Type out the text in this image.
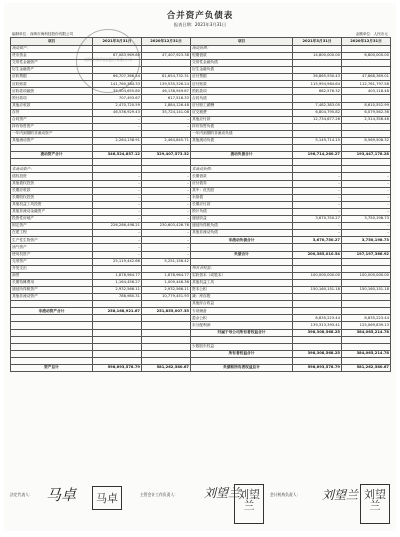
合并资产负债表
报表日期：2021年3月31日
编制单位：深圳市海科技股份有限公司	金额单位：人民币元
项目	2021年3月31日	2020年12月31日	项目	2021年3月31日	2020年12月31日
流动资产：			流动负债：		
货币资金	67,083,969.80	47,407,923.38	短期借款	14,800,000.00	6,800,000.00
交易性金融资产			交易性金融负债		
衍生金融资产			衍生金融负债		
应收票据	66,707,366.54	61,654,732.31	应付票据	36,865,930.43	47,868,369.01
应收账款	141,760,384.33	139,535,326.24	应付账款	115,994,984.64	112,761,797.58
应收款项融资	35,304,655.80	46,138,949.87	预收款项	682,576.32	403,118.48
预付款项	707,493.67	617,516.33	合同负债		
其他应收款	2,470,720.59	1,884,126.48	应付职工薪酬	7,482,383.05	8,610,552.99
存货	46,536,929.43	35,724,141.08	应交税费	6,804,795.82	6,079,562.36
合同资产	–	–	其他应付款	12,734,677.26	2,314,356.46
持有待售资产	–	–	持有待售负债		
一年内到期的非流动资产			一年内到期的非流动负债		
其他流动资产	2,264,138.91	2,464,845.71	其他流动负债	5,149,714.15	8,569,508.32

流动资产合计	346,524,857.12	329,407,573.32	流动负债合计	196,714,260.27	193,447,178.28

非流动资产：			非流动负债：		
债权投资	–	–	长期借款	–	–
其他债权投资	–	–	应付债券	–	–
长期应收款	–	–	其中：优先股	–	–
长期股权投资	–	–	永续债	–	–
其他权益工具投资	–	–	长期应付款	–	–
其他非流动金融资产	–	–	预计负债	–	–
投资性房地产	–	–	递延收益	3,670,750.27	3,750,198.73
固定资产	226,286,498.21	230,603,426.76	递延所得税负债	–	–
在建工程	–	–	其他非流动负债	–	–
生产性生物资产	–	–	非流动负债合计	3,670,750.27	3,750,198.73
油气资产	–	–			
使用权资产	–	–	负债合计	200,385,010.54	197,197,366.92
无形资产	25,119,442.66	5,251,156.42			
开发支出			所有者权益：		
商誉	1,878,964.77	1,878,964.77	实收资本（或股本）	100,000,000.00	100,000,000.00
长期待摊费用	1,164,456.27	1,009,446.36	其他权益工具		
递延所得税资产	2,932,566.11	2,932,566.11	资本公积	150,160,151.18	150,160,151.18
其他非流动资产	786,980.31	10,779,451.93	减：库存股		
			其他综合收益		
非流动资产合计	258,168,921.67	251,855,007.35	专项储备		
			盈余公积	8,835,223.44	8,835,223.44
			未分配利润	139,313,393.41	125,069,839.13
			归属于母公司所有者权益合计	398,308,568.25	384,065,214.78

			少数股东权益		
			所有者权益合计	398,308,568.25	384,065,214.78

资产总计	598,693,578.79	581,262,580.67	负债和所有者权益总计	598,693,578.79	581,262,580.67
深圳市海科技股份有限公司
法定代表人： 马卓	马卓	主管会计工作负责人： 刘望兰
刘望兰
会计机构负责人： 刘望兰 刘望兰
